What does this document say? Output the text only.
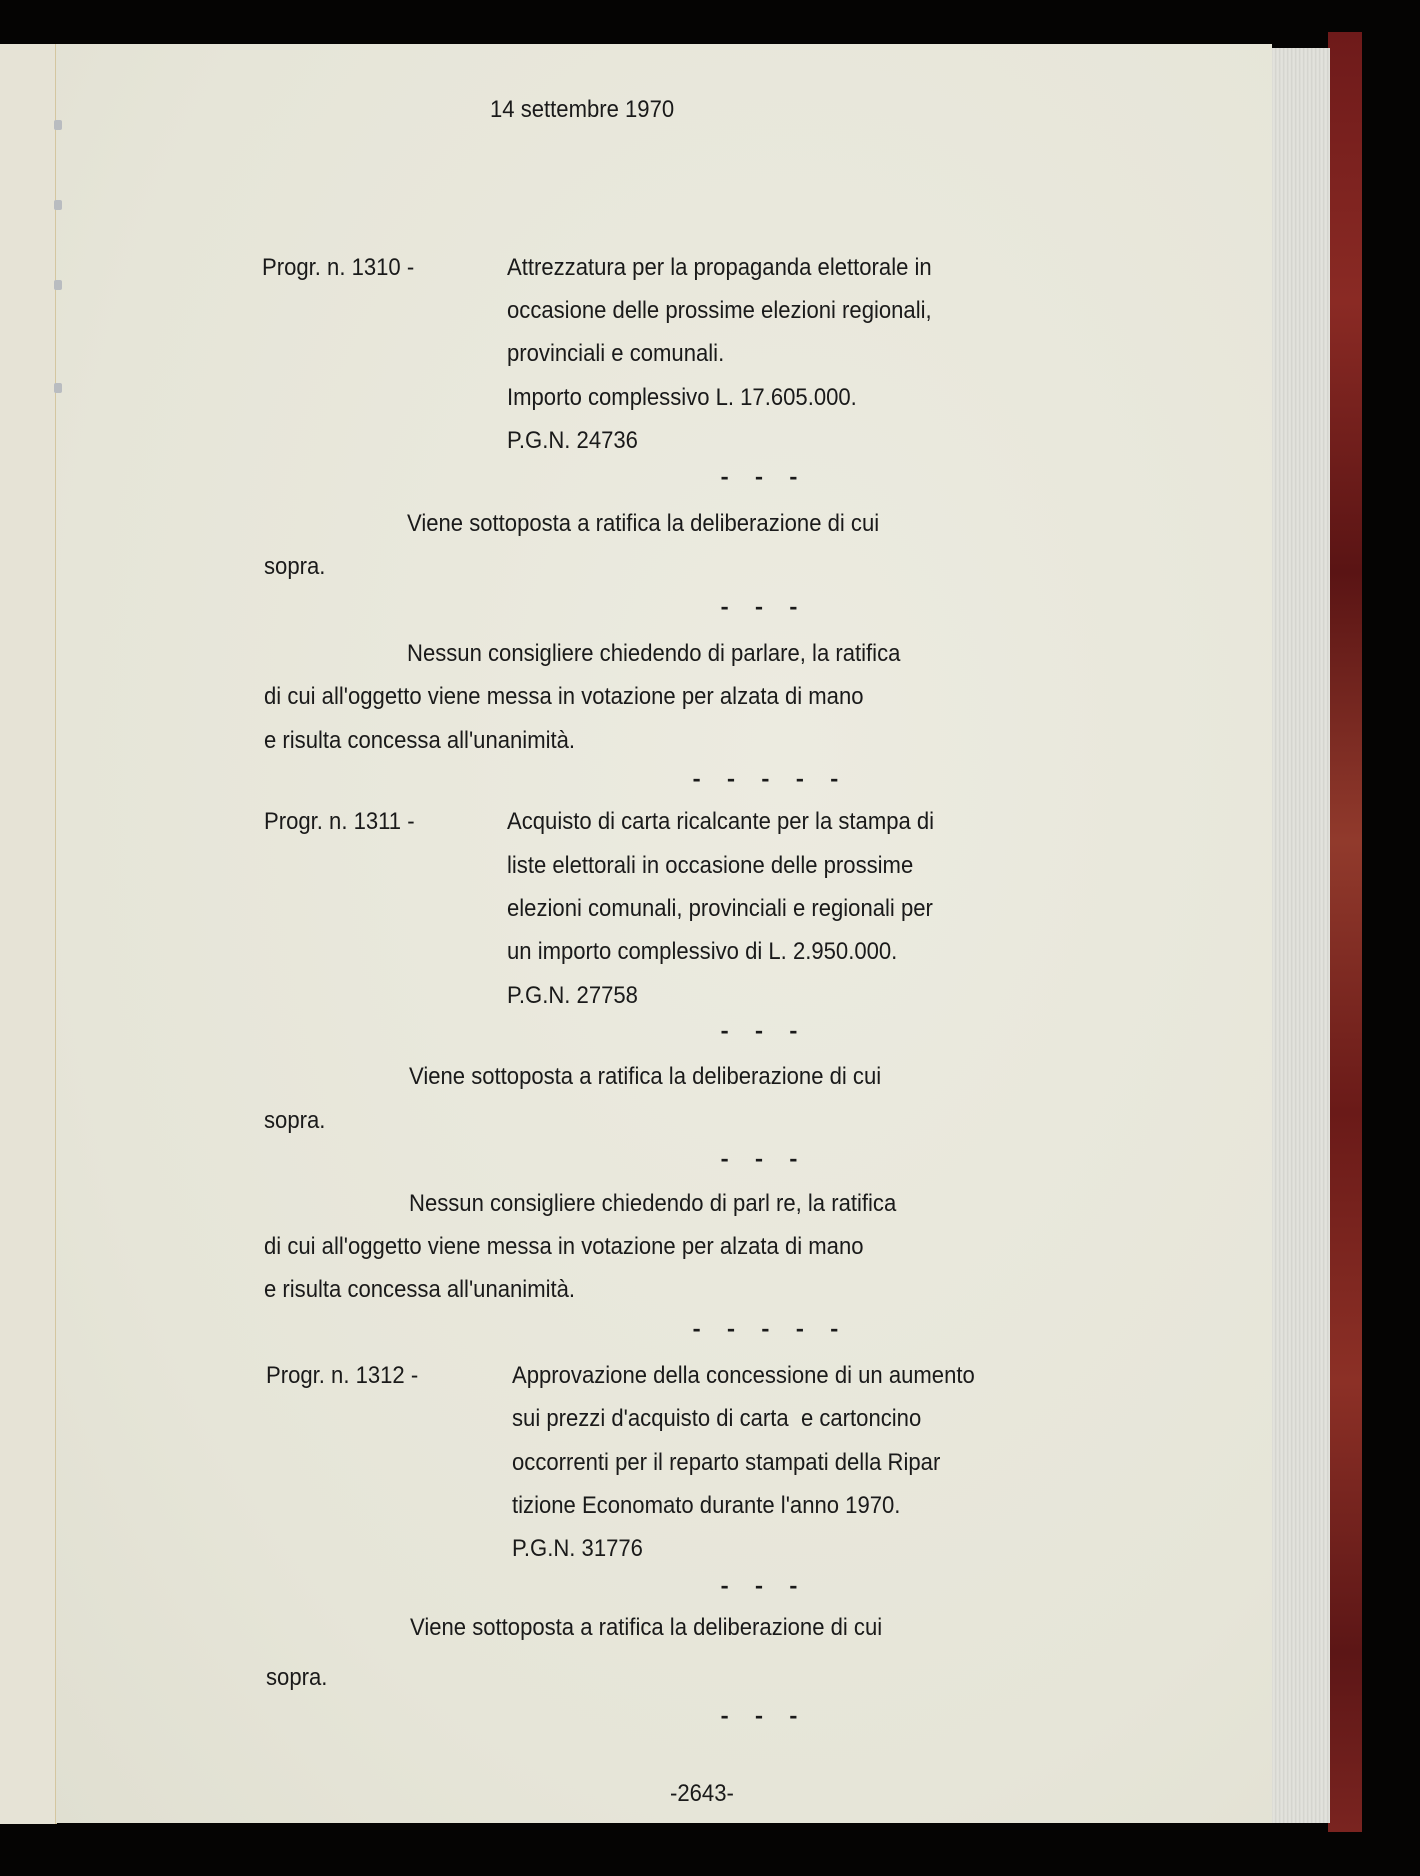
14 settembre 1970
Progr. n. 1310 -	Attrezzatura per la propaganda elettorale in
occasione delle prossime elezioni regionali,
provinciali e comunali.
Importo complessivo L. 17.605.000.
P.G.N. 24736
- - -
Viene sottoposta a ratifica la deliberazione di cui
sopra.
- - -
Nessun consigliere chiedendo di parlare, la ratifica
di cui all'oggetto viene messa in votazione per alzata di mano
e risulta concessa all'unanimità.
- - - - -
Progr. n. 1311 -	Acquisto di carta ricalcante per la stampa di
liste elettorali in occasione delle prossime
elezioni comunali, provinciali e regionali per
un importo complessivo di L. 2.950.000.
P.G.N. 27758
- - -
Viene sottoposta a ratifica la deliberazione di cui
sopra.
- - -
Nessun consigliere chiedendo di parl re, la ratifica
di cui all'oggetto viene messa in votazione per alzata di mano
e risulta concessa all'unanimità.
- - - - -
Progr. n. 1312 -	Approvazione della concessione di un aumento
sui prezzi d'acquisto di carta  e cartoncino
occorrenti per il reparto stampati della Ripar
tizione Economato durante l'anno 1970.
P.G.N. 31776
- - -
Viene sottoposta a ratifica la deliberazione di cui
sopra.
- - -
-2643-
